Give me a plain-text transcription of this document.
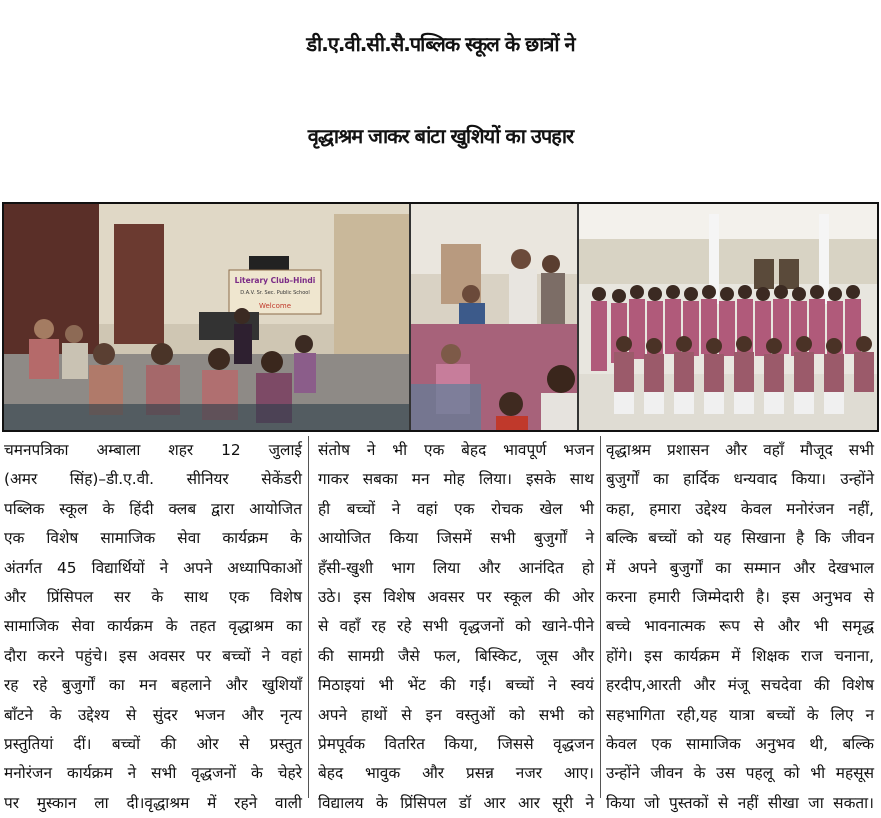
डी.ए.वी.सी.सै.पब्लिक स्कूल के छात्रों ने
वृद्धाश्रम जाकर बांटा खुशियों का उपहार
Literary Club–Hindi
D.A.V. Sr. Sec. Public School
Welcome

चमनपत्रिका अम्बाला शहर 12 जुलाई

(अमर सिंह)–डी.ए.वी. सीनियर सेकेंडरी

पब्लिक स्कूल के हिंदी क्लब द्वारा आयोजित

एक विशेष सामाजिक सेवा कार्यक्रम के

अंतर्गत 45 विद्यार्थियों ने अपने अध्यापिकाओं

और प्रिंसिपल सर के साथ एक विशेष

सामाजिक सेवा कार्यक्रम के तहत वृद्धाश्रम का

दौरा करने पहुंचे। इस अवसर पर बच्चों ने वहां

रह रहे बुजुर्गों का मन बहलाने और खुशियाँ

बाँटने के उद्देश्य से सुंदर भजन और नृत्य

प्रस्तुतियां दीं। बच्चों की ओर से प्रस्तुत

मनोरंजन कार्यक्रम ने सभी वृद्धजनों के चेहरे

पर मुस्कान ला दी।वृद्धाश्रम में रहने वाली

संतोष ने भी एक बेहद भावपूर्ण भजन

गाकर सबका मन मोह लिया। इसके साथ

ही बच्चों ने वहां एक रोचक खेल भी

आयोजित किया जिसमें सभी बुजुर्गों ने

हँसी-खुशी भाग लिया और आनंदित हो

उठे। इस विशेष अवसर पर स्कूल की ओर

से वहाँ रह रहे सभी वृद्धजनों को खाने-पीने

की सामग्री जैसे फल, बिस्किट, जूस और

मिठाइयां भी भेंट की गईं। बच्चों ने स्वयं

अपने हाथों से इन वस्तुओं को सभी को

प्रेमपूर्वक वितरित किया, जिससे वृद्धजन

बेहद भावुक और प्रसन्न नजर आए।

विद्यालय के प्रिंसिपल डॉ आर आर सूरी ने

वृद्धाश्रम प्रशासन और वहाँ मौजूद सभी

बुजुर्गों का हार्दिक धन्यवाद किया। उन्होंने

कहा, हमारा उद्देश्य केवल मनोरंजन नहीं,

बल्कि बच्चों को यह सिखाना है कि जीवन

में अपने बुजुर्गों का सम्मान और देखभाल

करना हमारी जिम्मेदारी है। इस अनुभव से

बच्चे भावनात्मक रूप से और भी समृद्ध

होंगे। इस कार्यक्रम में शिक्षक राज चनाना,

हरदीप,आरती और मंजू सचदेवा की विशेष

सहभागिता रही,यह यात्रा बच्चों के लिए न

केवल एक सामाजिक अनुभव थी, बल्कि

उन्होंने जीवन के उस पहलू को भी महसूस

किया जो पुस्तकों से नहीं सीखा जा सकता।
